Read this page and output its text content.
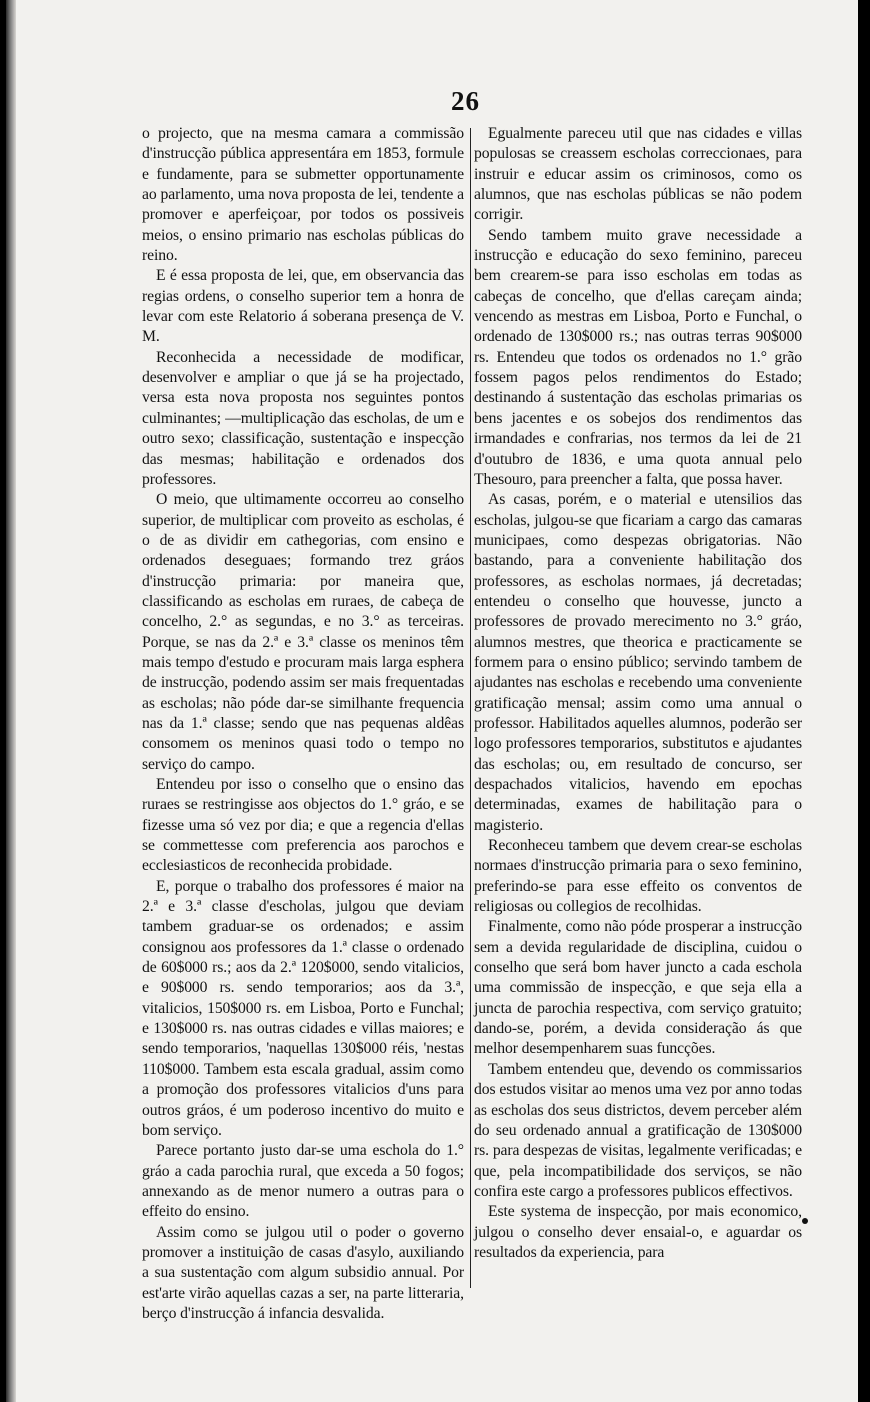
26

o projecto, que na mesma camara a commissão d'instrucção pública appresentára em 1853, formule e fundamente, para se submetter opportunamente ao parlamento, uma nova proposta de lei, tendente a promover e aperfeiçoar, por todos os possiveis meios, o ensino primario nas escholas públicas do reino.

E é essa proposta de lei, que, em observancia das regias ordens, o conselho superior tem a honra de levar com este Relatorio á soberana presença de V. M.

Reconhecida a necessidade de modificar, desenvolver e ampliar o que já se ha projectado, versa esta nova proposta nos seguintes pontos culminantes; —multiplicação das escholas, de um e outro sexo; classificação, sustentação e inspecção das mesmas; habilitação e ordenados dos professores.

O meio, que ultimamente occorreu ao conselho superior, de multiplicar com proveito as escholas, é o de as dividir em cathegorias, com ensino e ordenados deseguaes; formando trez gráos d'instrucção primaria: por maneira que, classificando as escholas em ruraes, de cabeça de concelho, 2.° as segundas, e no 3.° as terceiras. Porque, se nas da 2.ª e 3.ª classe os meninos têm mais tempo d'estudo e procuram mais larga esphera de instrucção, podendo assim ser mais frequentadas as escholas; não póde dar-se similhante frequencia nas da 1.ª classe; sendo que nas pequenas aldêas consomem os meninos quasi todo o tempo no serviço do campo.

Entendeu por isso o conselho que o ensino das ruraes se restringisse aos objectos do 1.° gráo, e se fizesse uma só vez por dia; e que a regencia d'ellas se commettesse com preferencia aos parochos e ecclesiasticos de reconhecida probidade.

E, porque o trabalho dos professores é maior na 2.ª e 3.ª classe d'escholas, julgou que deviam tambem graduar-se os ordenados; e assim consignou aos professores da 1.ª classe o ordenado de 60$000 rs.; aos da 2.ª 120$000, sendo vitalicios, e 90$000 rs. sendo temporarios; aos da 3.ª, vitalicios, 150$000 rs. em Lisboa, Porto e Funchal; e 130$000 rs. nas outras cidades e villas maiores; e sendo temporarios, 'naquellas 130$000 réis, 'nestas 110$000. Tambem esta escala gradual, assim como a promoção dos professores vitalicios d'uns para outros gráos, é um poderoso incentivo do muito e bom serviço.

Parece portanto justo dar-se uma eschola do 1.° gráo a cada parochia rural, que exceda a 50 fogos; annexando as de menor numero a outras para o effeito do ensino.

Assim como se julgou util o poder o governo promover a instituição de casas d'asylo, auxiliando a sua sustentação com algum subsidio annual. Por est'arte virão aquellas cazas a ser, na parte litteraria, berço d'instrucção á infancia desvalida.

Egualmente pareceu util que nas cidades e villas populosas se creassem escholas correccionaes, para instruir e educar assim os criminosos, como os alumnos, que nas escholas públicas se não podem corrigir.

Sendo tambem muito grave necessidade a instrucção e educação do sexo feminino, pareceu bem crearem-se para isso escholas em todas as cabeças de concelho, que d'ellas careçam ainda; vencendo as mestras em Lisboa, Porto e Funchal, o ordenado de 130$000 rs.; nas outras terras 90$000 rs. Entendeu que todos os ordenados no 1.° grão fossem pagos pelos rendimentos do Estado; destinando á sustentação das escholas primarias os bens jacentes e os sobejos dos rendimentos das irmandades e confrarias, nos termos da lei de 21 d'outubro de 1836, e uma quota annual pelo Thesouro, para preencher a falta, que possa haver.

As casas, porém, e o material e utensilios das escholas, julgou-se que ficariam a cargo das camaras municipaes, como despezas obrigatorias. Não bastando, para a conveniente habilitação dos professores, as escholas normaes, já decretadas; entendeu o conselho que houvesse, juncto a professores de provado merecimento no 3.° gráo, alumnos mestres, que theorica e practicamente se formem para o ensino público; servindo tambem de ajudantes nas escholas e recebendo uma conveniente gratificação mensal; assim como uma annual o professor. Habilitados aquelles alumnos, poderão ser logo professores temporarios, substitutos e ajudantes das escholas; ou, em resultado de concurso, ser despachados vitalicios, havendo em epochas determinadas, exames de habilitação para o magisterio.

Reconheceu tambem que devem crear-se escholas normaes d'instrucção primaria para o sexo feminino, preferindo-se para esse effeito os conventos de religiosas ou collegios de recolhidas.

Finalmente, como não póde prosperar a instrucção sem a devida regularidade de disciplina, cuidou o conselho que será bom haver juncto a cada eschola uma commissão de inspecção, e que seja ella a juncta de parochia respectiva, com serviço gratuito; dando-se, porém, a devida consideração ás que melhor desempenharem suas funcções.

Tambem entendeu que, devendo os commissarios dos estudos visitar ao menos uma vez por anno todas as escholas dos seus districtos, devem perceber além do seu ordenado annual a gratificação de 130$000 rs. para despezas de visitas, legalmente verificadas; e que, pela incompatibilidade dos serviços, se não confira este cargo a professores publicos effectivos.

Este systema de inspecção, por mais economico, julgou o conselho dever ensaial-o, e aguardar os resultados da experiencia, para
